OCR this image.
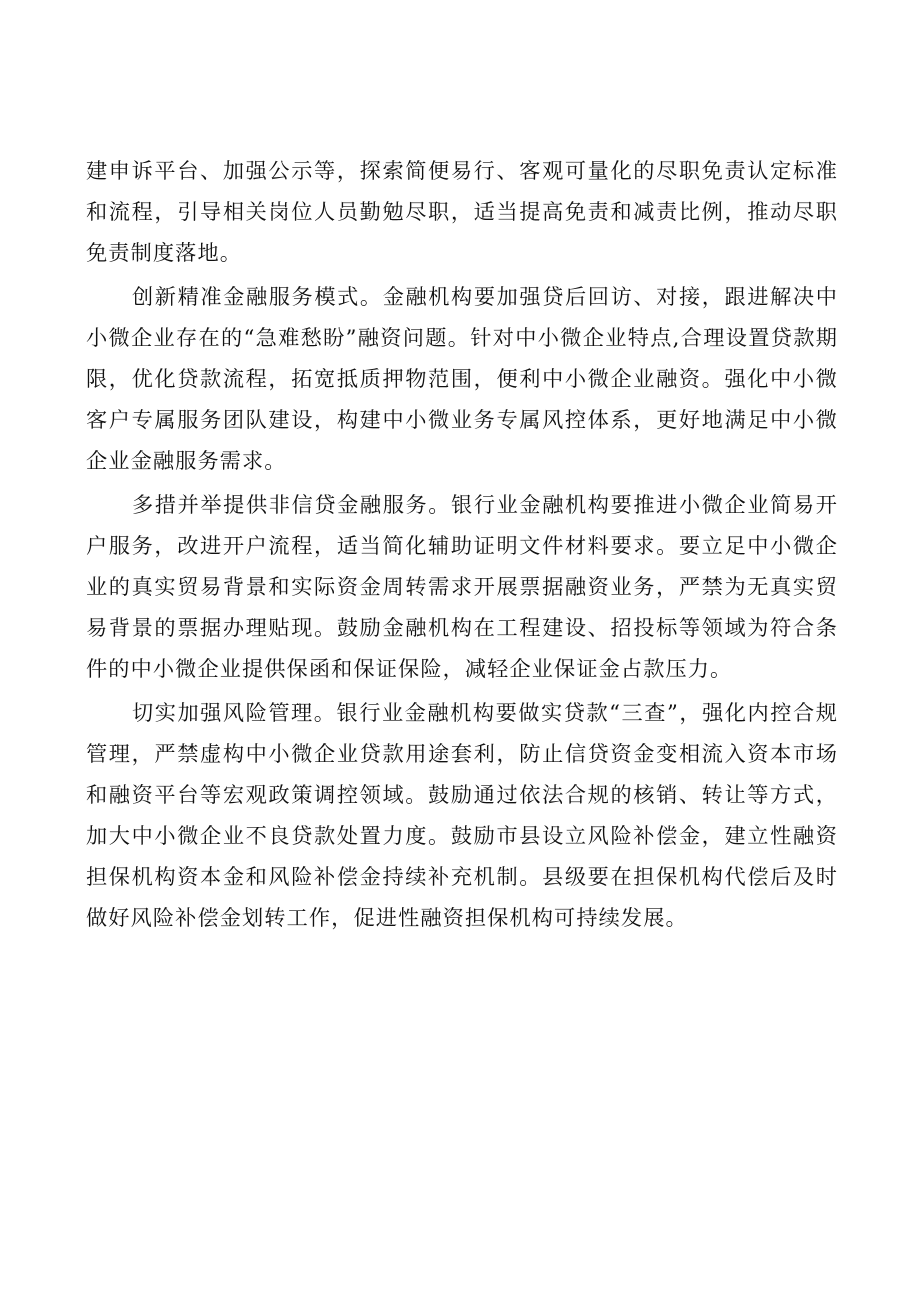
建申诉平台、加强公示等，探索简便易行、客观可量化的尽职免责认定标准和流程，引导相关岗位人员勤勉尽职，适当提高免责和减责比例，推动尽职免责制度落地。

创新精准金融服务模式。金融机构要加强贷后回访、对接，跟进解决中小微企业存在的“急难愁盼”融资问题。针对中小微企业特点,合理设置贷款期限，优化贷款流程，拓宽抵质押物范围，便利中小微企业融资。强化中小微客户专属服务团队建设，构建中小微业务专属风控体系，更好地满足中小微企业金融服务需求。

多措并举提供非信贷金融服务。银行业金融机构要推进小微企业简易开户服务，改进开户流程，适当简化辅助证明文件材料要求。要立足中小微企业的真实贸易背景和实际资金周转需求开展票据融资业务，严禁为无真实贸易背景的票据办理贴现。鼓励金融机构在工程建设、招投标等领域为符合条件的中小微企业提供保函和保证保险，减轻企业保证金占款压力。

切实加强风险管理。银行业金融机构要做实贷款“三查”，强化内控合规管理，严禁虚构中小微企业贷款用途套利，防止信贷资金变相流入资本市场和融资平台等宏观政策调控领域。鼓励通过依法合规的核销、转让等方式，加大中小微企业不良贷款处置力度。鼓励市县设立风险补偿金，建立性融资担保机构资本金和风险补偿金持续补充机制。县级要在担保机构代偿后及时做好风险补偿金划转工作，促进性融资担保机构可持续发展。
